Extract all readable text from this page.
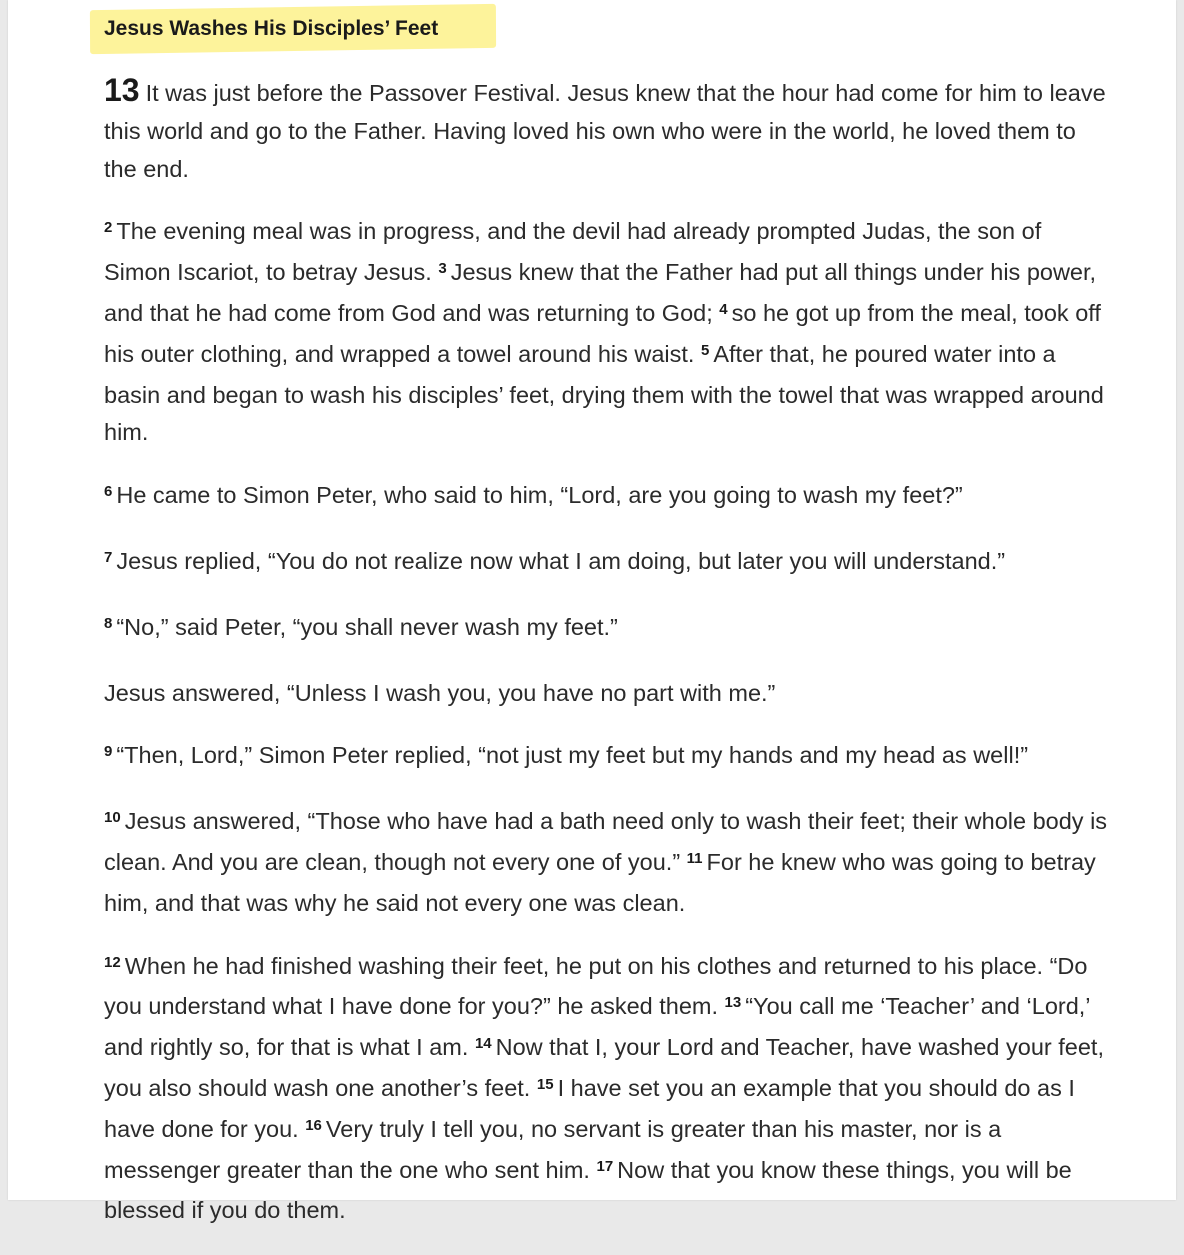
Jesus Washes His Disciples’ Feet

13 It was just before the Passover Festival. Jesus knew that the hour had come for him to leave this world and go to the Father. Having loved his own who were in the world, he loved them to the end.

$^2$ The evening meal was in progress, and the devil had already prompted Judas, the son of Simon Iscariot, to betray Jesus. $^3$ Jesus knew that the Father had put all things under his power, and that he had come from God and was returning to God; $^4$ so he got up from the meal, took off his outer clothing, and wrapped a towel around his waist. $^5$ After that, he poured water into a basin and began to wash his disciples’ feet, drying them with the towel that was wrapped around him.

$^6$ He came to Simon Peter, who said to him, “Lord, are you going to wash my feet?”

$^7$ Jesus replied, “You do not realize now what I am doing, but later you will understand.”

$^8$ “No,” said Peter, “you shall never wash my feet.”

Jesus answered, “Unless I wash you, you have no part with me.”

$^9$ “Then, Lord,” Simon Peter replied, “not just my feet but my hands and my head as well!”

$^{10}$ Jesus answered, “Those who have had a bath need only to wash their feet; their whole body is clean. And you are clean, though not every one of you.” $^{11}$ For he knew who was going to betray him, and that was why he said not every one was clean.

$^{12}$ When he had finished washing their feet, he put on his clothes and returned to his place. “Do you understand what I have done for you?” he asked them. $^{13}$ “You call me ‘Teacher’ and ‘Lord,’ and rightly so, for that is what I am. $^{14}$ Now that I, your Lord and Teacher, have washed your feet, you also should wash one another’s feet. $^{15}$ I have set you an example that you should do as I have done for you. $^{16}$ Very truly I tell you, no servant is greater than his master, nor is a messenger greater than the one who sent him. $^{17}$ Now that you know these things, you will be blessed if you do them.
